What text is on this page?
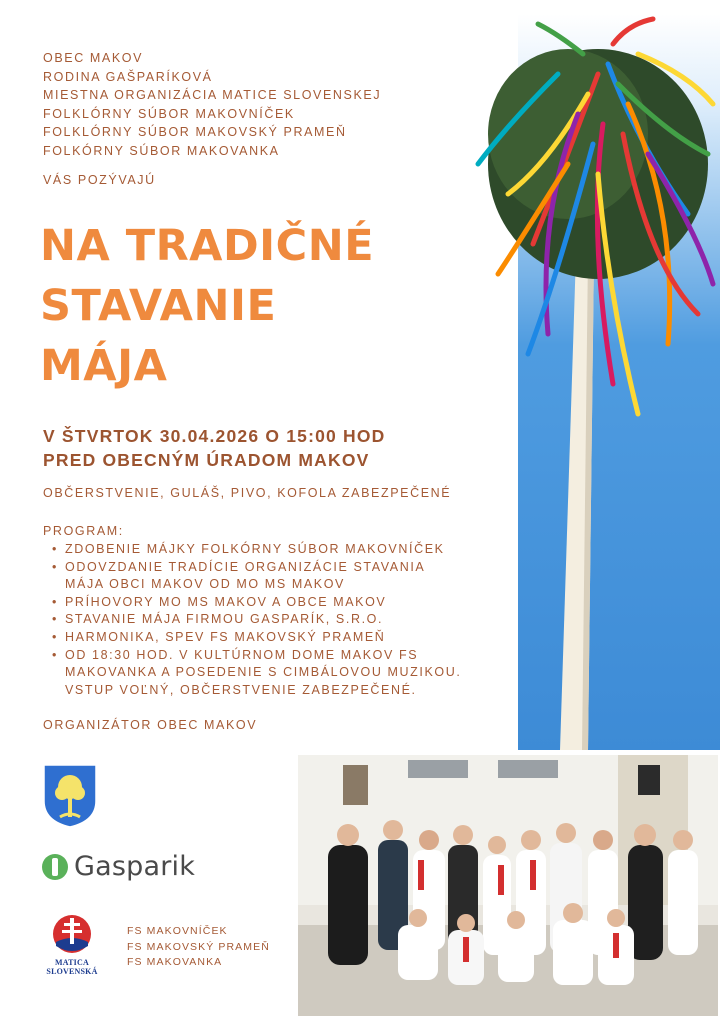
OBEC MAKOV
RODINA GAŠPARÍKOVÁ
MIESTNA ORGANIZÁCIA MATICE SLOVENSKEJ
FOLKLÓRNY SÚBOR MAKOVNÍČEK
FOLKLÓRNY SÚBOR MAKOVSKÝ PRAMEŇ
FOLKÓRNY SÚBOR MAKOVANKA
VÁS POZÝVAJÚ
NA TRADIČNÉ
STAVANIE
MÁJA
V ŠTVRTOK 30.04.2026 O 15:00 HOD
PRED OBECNÝM ÚRADOM MAKOV
OBČERSTVENIE, GULÁŠ, PIVO, KOFOLA ZABEZPEČENÉ
PROGRAM:
• ZDOBENIE MÁJKY FOLKÓRNY SÚBOR MAKOVNÍČEK
• ODOVZDANIE TRADÍCIE ORGANIZÁCIE STAVANIA
MÁJA OBCI MAKOV OD MO MS MAKOV
• PRÍHOVORY MO MS MAKOV A OBCE MAKOV
• STAVANIE MÁJA FIRMOU GASPARÍK, S.R.O.
• HARMONIKA, SPEV FS MAKOVSKÝ PRAMEŇ
• OD 18:30 HOD. V KULTÚRNOM DOME MAKOV FS
MAKOVANKA A POSEDENIE S CIMBÁLOVOU MUZIKOU.
VSTUP VOĽNÝ, OBČERSTVENIE ZABEZPEČENÉ.
ORGANIZÁTOR OBEC MAKOV
Gasparik
MATICA
SLOVENSKÁ
FS MAKOVNÍČEK
FS MAKOVSKÝ PRAMEŇ
FS MAKOVANKA
